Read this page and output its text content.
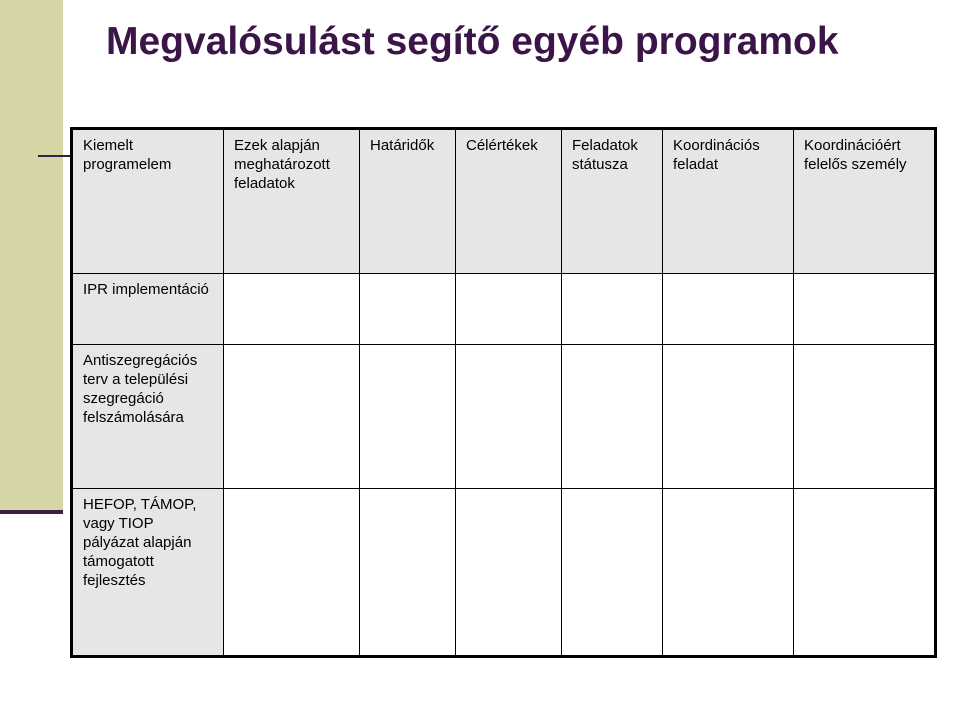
Megvalósulást segítő egyéb programok
Kiemelt programelem	Ezek alapján meghatározott feladatok	Határidők	Célértékek	Feladatok státusza	Koordinációs feladat	Koordinációért felelős személy
IPR implementáció						
Antiszegregációs terv a települési szegregáció felszámolására						
HEFOP, TÁMOP, vagy TIOP pályázat alapján támogatott fejlesztés						
